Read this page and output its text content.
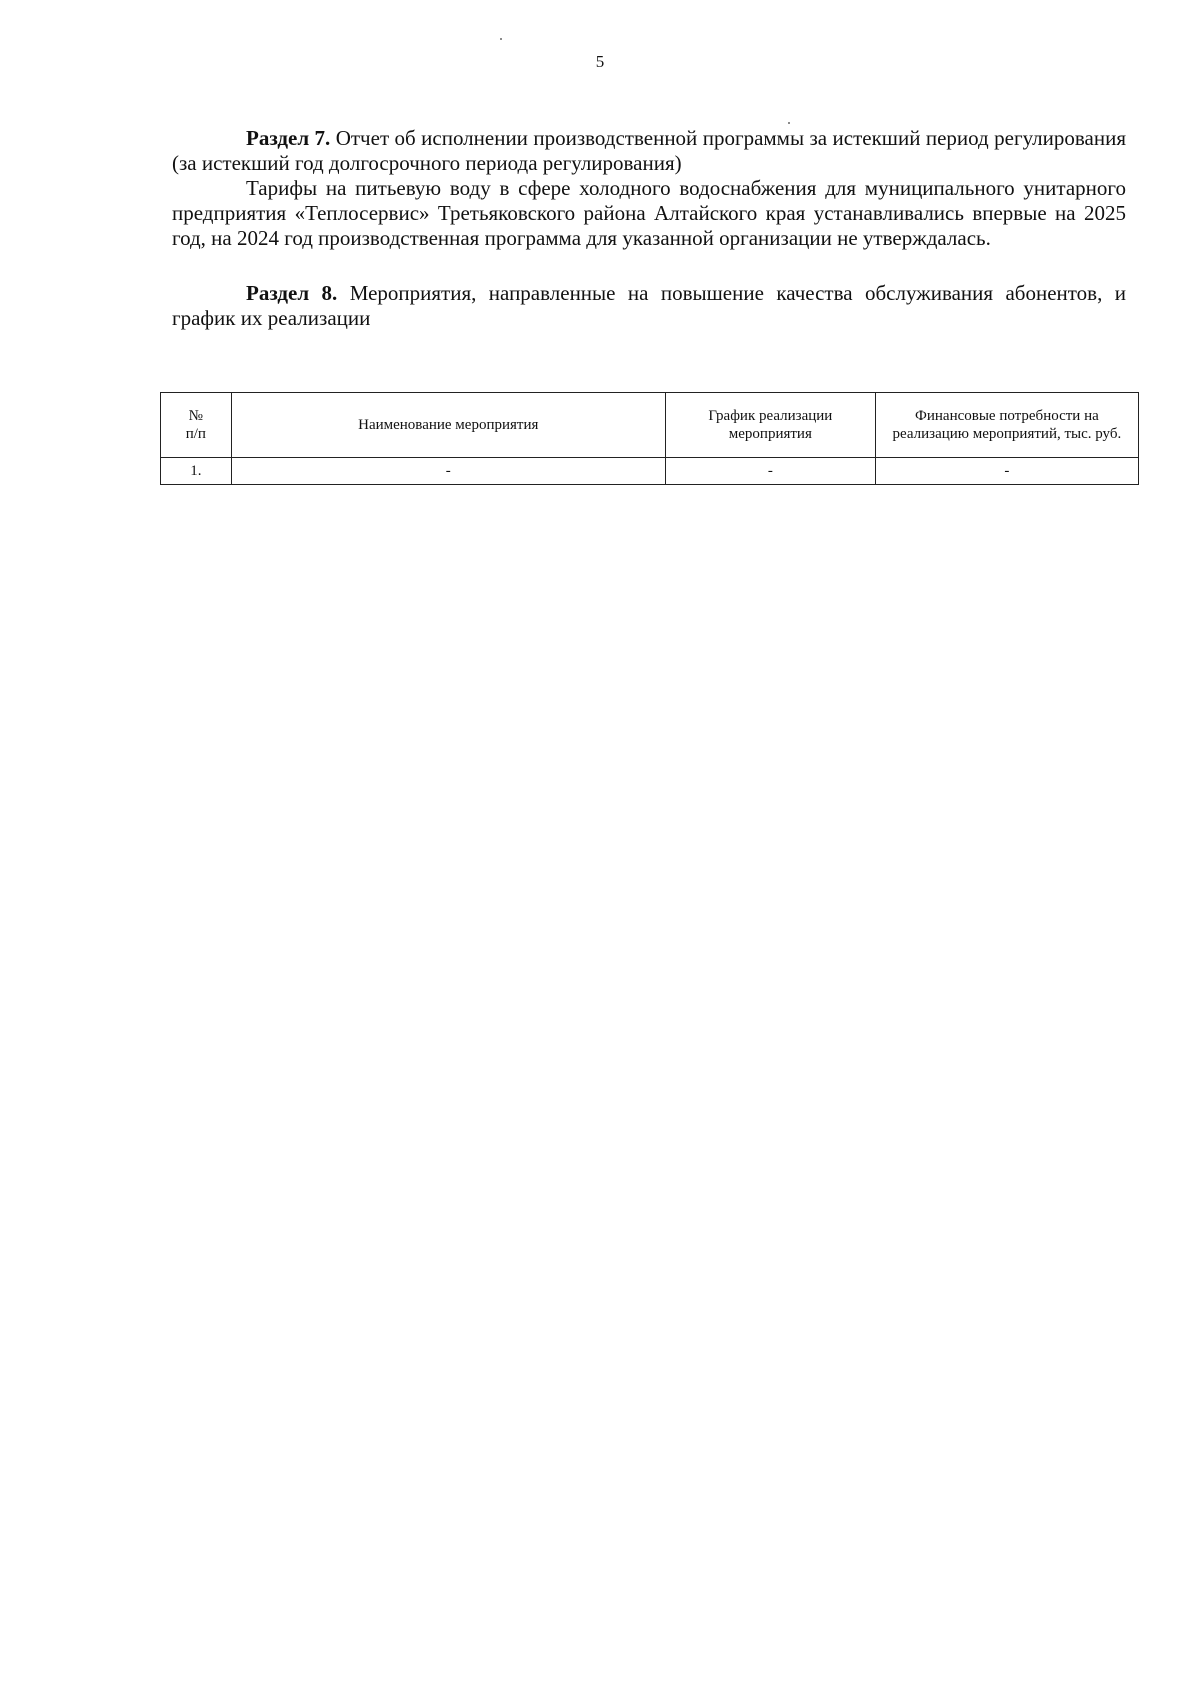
5

Раздел 7. Отчет об исполнении производственной программы за истекший период регулирования (за истекший год долгосрочного периода регулирования)

Тарифы на питьевую воду в сфере холодного водоснабжения для муниципального унитарного предприятия «Теплосервис» Третьяковского района Алтайского края устанавливались впервые на 2025 год, на 2024 год производственная программа для указанной организации не утверждалась.

Раздел 8. Мероприятия, направленные на повышение качества обслуживания абонентов, и график их реализации

№
п/п	Наименование мероприятия	График реализации мероприятия	Финансовые потребности на реализацию мероприятий, тыс. руб.
1.	-	-	-
